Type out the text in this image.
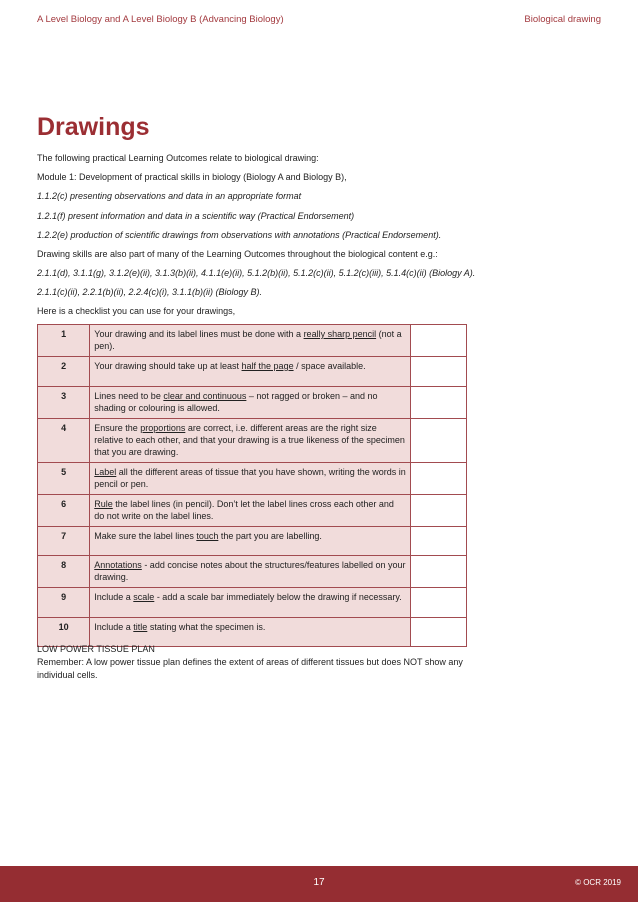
A Level Biology and A Level Biology B (Advancing Biology)	Biological drawing
Drawings

The following practical Learning Outcomes relate to biological drawing:

Module 1: Development of practical skills in biology (Biology A and Biology B),

1.1.2(c) presenting observations and data in an appropriate format

1.2.1(f) present information and data in a scientific way (Practical Endorsement)

1.2.2(e) production of scientific drawings from observations with annotations (Practical Endorsement).

Drawing skills are also part of many of the Learning Outcomes throughout the biological content e.g.:

2.1.1(d), 3.1.1(g), 3.1.2(e)(ii), 3.1.3(b)(ii), 4.1.1(e)(ii), 5.1.2(b)(ii), 5.1.2(c)(ii), 5.1.2(c)(iii), 5.1.4(c)(ii) (Biology A).

2.1.1(c)(ii), 2.2.1(b)(ii), 2.2.4(c)(i), 3.1.1(b)(ii) (Biology B).

Here is a checklist you can use for your drawings,
1	Your drawing and its label lines must be done with a really sharp pencil (not a pen).	
2	Your drawing should take up at least half the page / space available.	
3	Lines need to be clear and continuous – not ragged or broken – and no shading or colouring is allowed.	
4	Ensure the proportions are correct, i.e. different areas are the right size relative to each other, and that your drawing is a true likeness of the specimen that you are drawing.	
5	Label all the different areas of tissue that you have shown, writing the words in pencil or pen.	
6	Rule the label lines (in pencil). Don’t let the label lines cross each other and do not write on the label lines.	
7	Make sure the label lines touch the part you are labelling.	
8	Annotations - add concise notes about the structures/features labelled on your drawing.	
9	Include a scale - add a scale bar immediately below the drawing if necessary.	
10	Include a title stating what the specimen is.	

LOW POWER TISSUE PLAN

Remember: A low power tissue plan defines the extent of areas of different tissues but does NOT show any individual cells.

17	© OCR 2019
